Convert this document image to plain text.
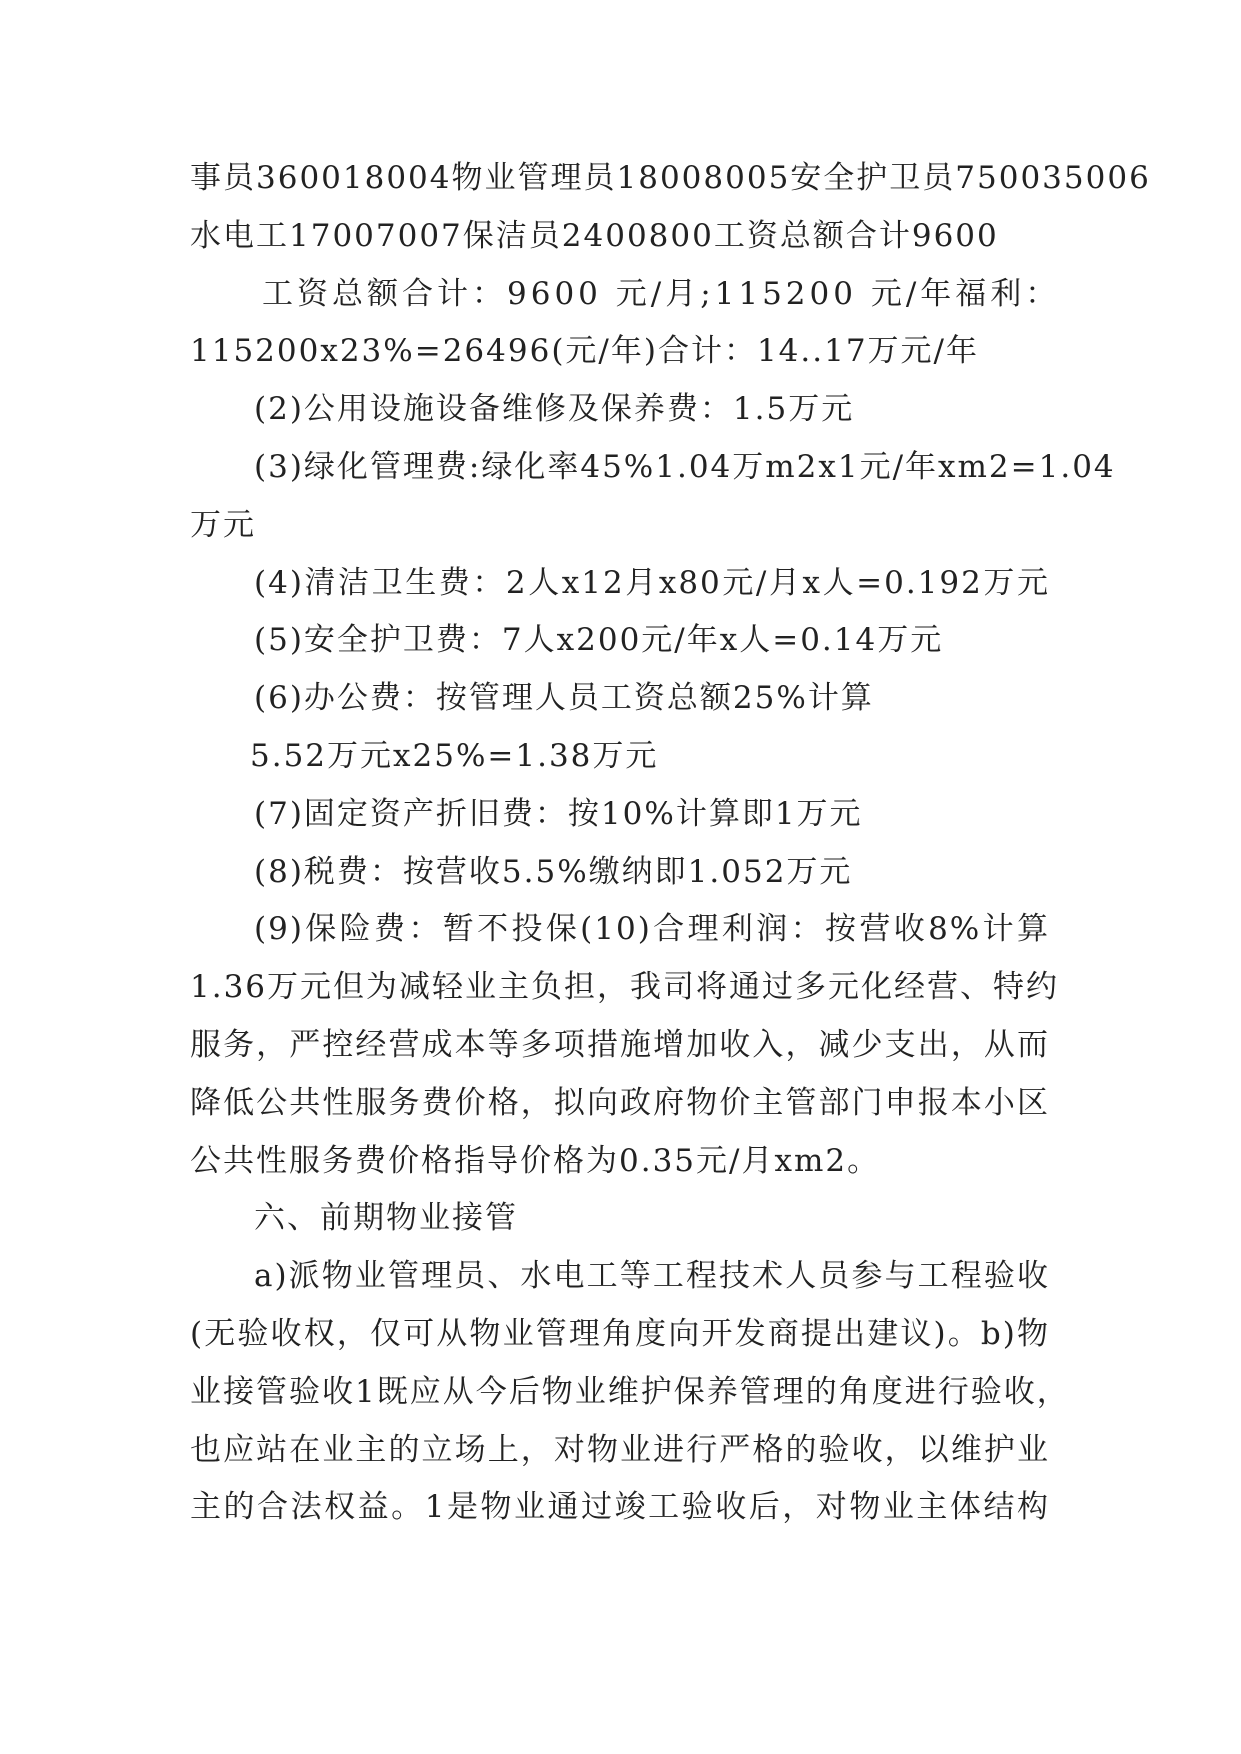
事员360018004物业管理员18008005安全护卫员750035006
水电工17007007保洁员2400800工资总额合计9600
工资总额合计：9600 元/月;115200 元/年福利：
115200x23%=26496(元/年)合计：14..17万元/年
(2)公用设施设备维修及保养费：1.5万元
(3)绿化管理费:绿化率45%1.04万m2x1元/年xm2=1.04
万元
(4)清洁卫生费：2人x12月x80元/月x人=0.192万元
(5)安全护卫费：7人x200元/年x人=0.14万元
(6)办公费：按管理人员工资总额25%计算
5.52万元x25%=1.38万元
(7)固定资产折旧费：按10%计算即1万元
(8)税费：按营收5.5%缴纳即1.052万元
(9)保险费：暂不投保(10)合理利润：按营收8%计算
1.36万元但为减轻业主负担，我司将通过多元化经营、特约
服务，严控经营成本等多项措施增加收入，减少支出，从而
降低公共性服务费价格，拟向政府物价主管部门申报本小区
公共性服务费价格指导价格为0.35元/月xm2。
六、前期物业接管
a)派物业管理员、水电工等工程技术人员参与工程验收
(无验收权，仅可从物业管理角度向开发商提出建议)。b)物
业接管验收1既应从今后物业维护保养管理的角度进行验收，
也应站在业主的立场上，对物业进行严格的验收，以维护业
主的合法权益。1是物业通过竣工验收后，对物业主体结构
